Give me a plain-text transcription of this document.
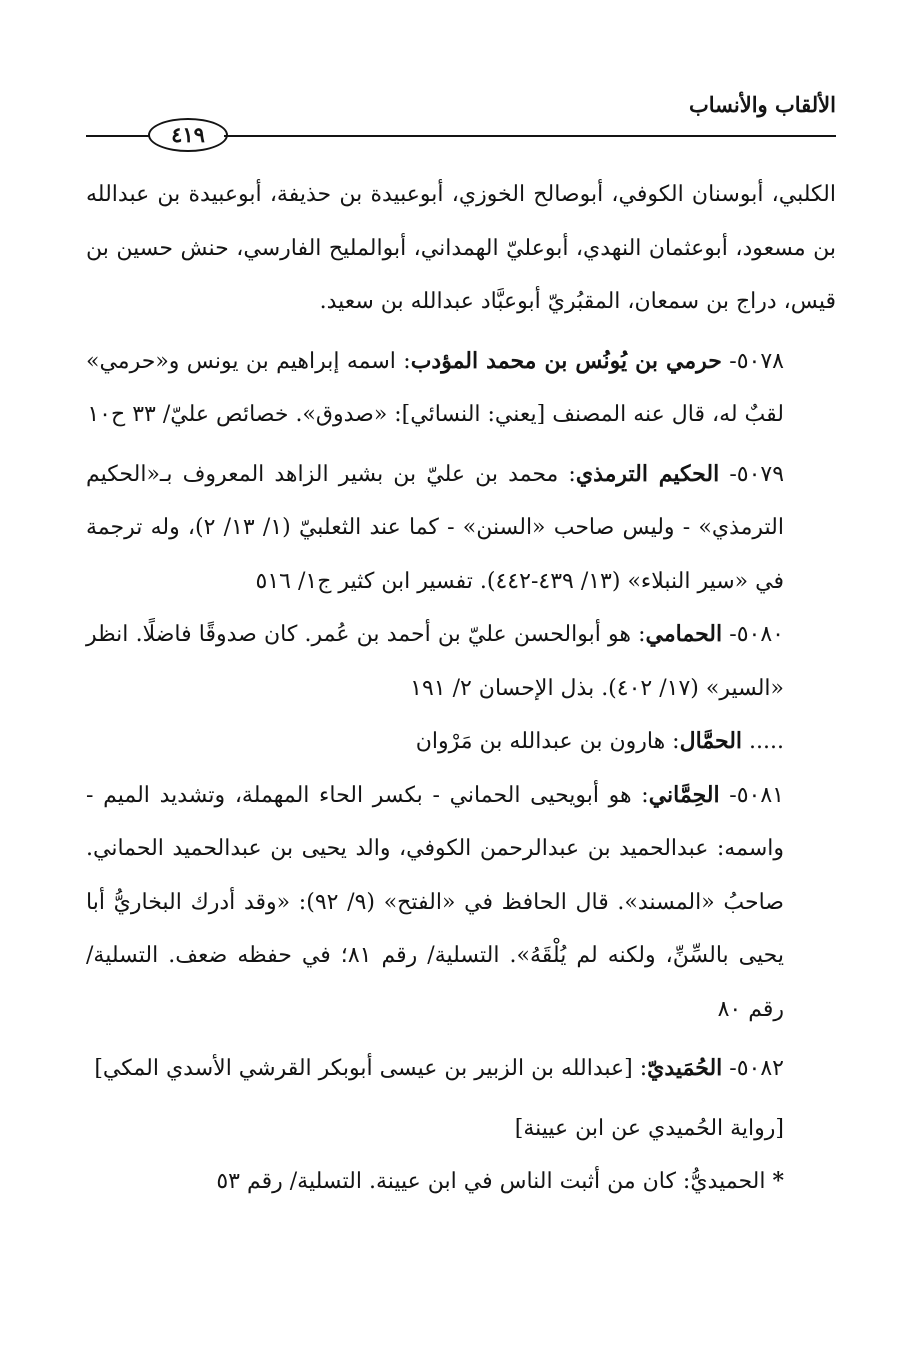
الألقاب والأنساب
٤١٩

الكلبي، أبوسنان الكوفي، أبوصالح الخوزي، أبوعبيدة بن حذيفة، أبوعبيدة بن عبدالله بن مسعود، أبوعثمان النهدي، أبوعليّ الهمداني، أبوالمليح الفارسي، حنش حسين بن قيس، دراج بن سمعان، المقبُريّ أبوعبَّاد عبدالله بن سعيد.

٥٠٧٨- حرمي بن يُونُس بن محمد المؤدب: اسمه إبراهيم بن يونس و«حرمي» لقبٌ له، قال عنه المصنف [يعني: النسائي]: «صدوق». خصائص عليّ/ ٣٣ ح١٠

٥٠٧٩- الحكيم الترمذي: محمد بن عليّ بن بشير الزاهد المعروف بـ«الحكيم الترمذي» - وليس صاحب «السنن» - كما عند الثعلبيّ (١/ ١٣/ ٢)، وله ترجمة في «سير النبلاء» (١٣/ ٤٣٩-٤٤٢). تفسير ابن كثير ج١/ ٥١٦

٥٠٨٠- الحمامي: هو أبوالحسن عليّ بن أحمد بن عُمر. كان صدوقًا فاضلًا. انظر «السير» (١٧/ ٤٠٢). بذل الإحسان ٢/ ١٩١

..... الحمَّال: هارون بن عبدالله بن مَرْوان

٥٠٨١- الحِمَّاني: هو أبويحيى الحماني - بكسر الحاء المهملة، وتشديد الميم - واسمه: عبدالحميد بن عبدالرحمن الكوفي، والد يحيى بن عبدالحميد الحماني. صاحبُ «المسند». قال الحافظ في «الفتح» (٩/ ٩٢): «وقد أدرك البخاريُّ أبا يحيى بالسِّنِّ، ولكنه لم يُلْقَهُ». التسلية/ رقم ٨١؛ في حفظه ضعف. التسلية/ رقم ٨٠

٥٠٨٢- الحُمَيديّ: [عبدالله بن الزبير بن عيسى أبوبكر القرشي الأسدي المكي]

[رواية الحُميدي عن ابن عيينة]

* الحميديُّ: كان من أثبت الناس في ابن عيينة. التسلية/ رقم ٥٣
